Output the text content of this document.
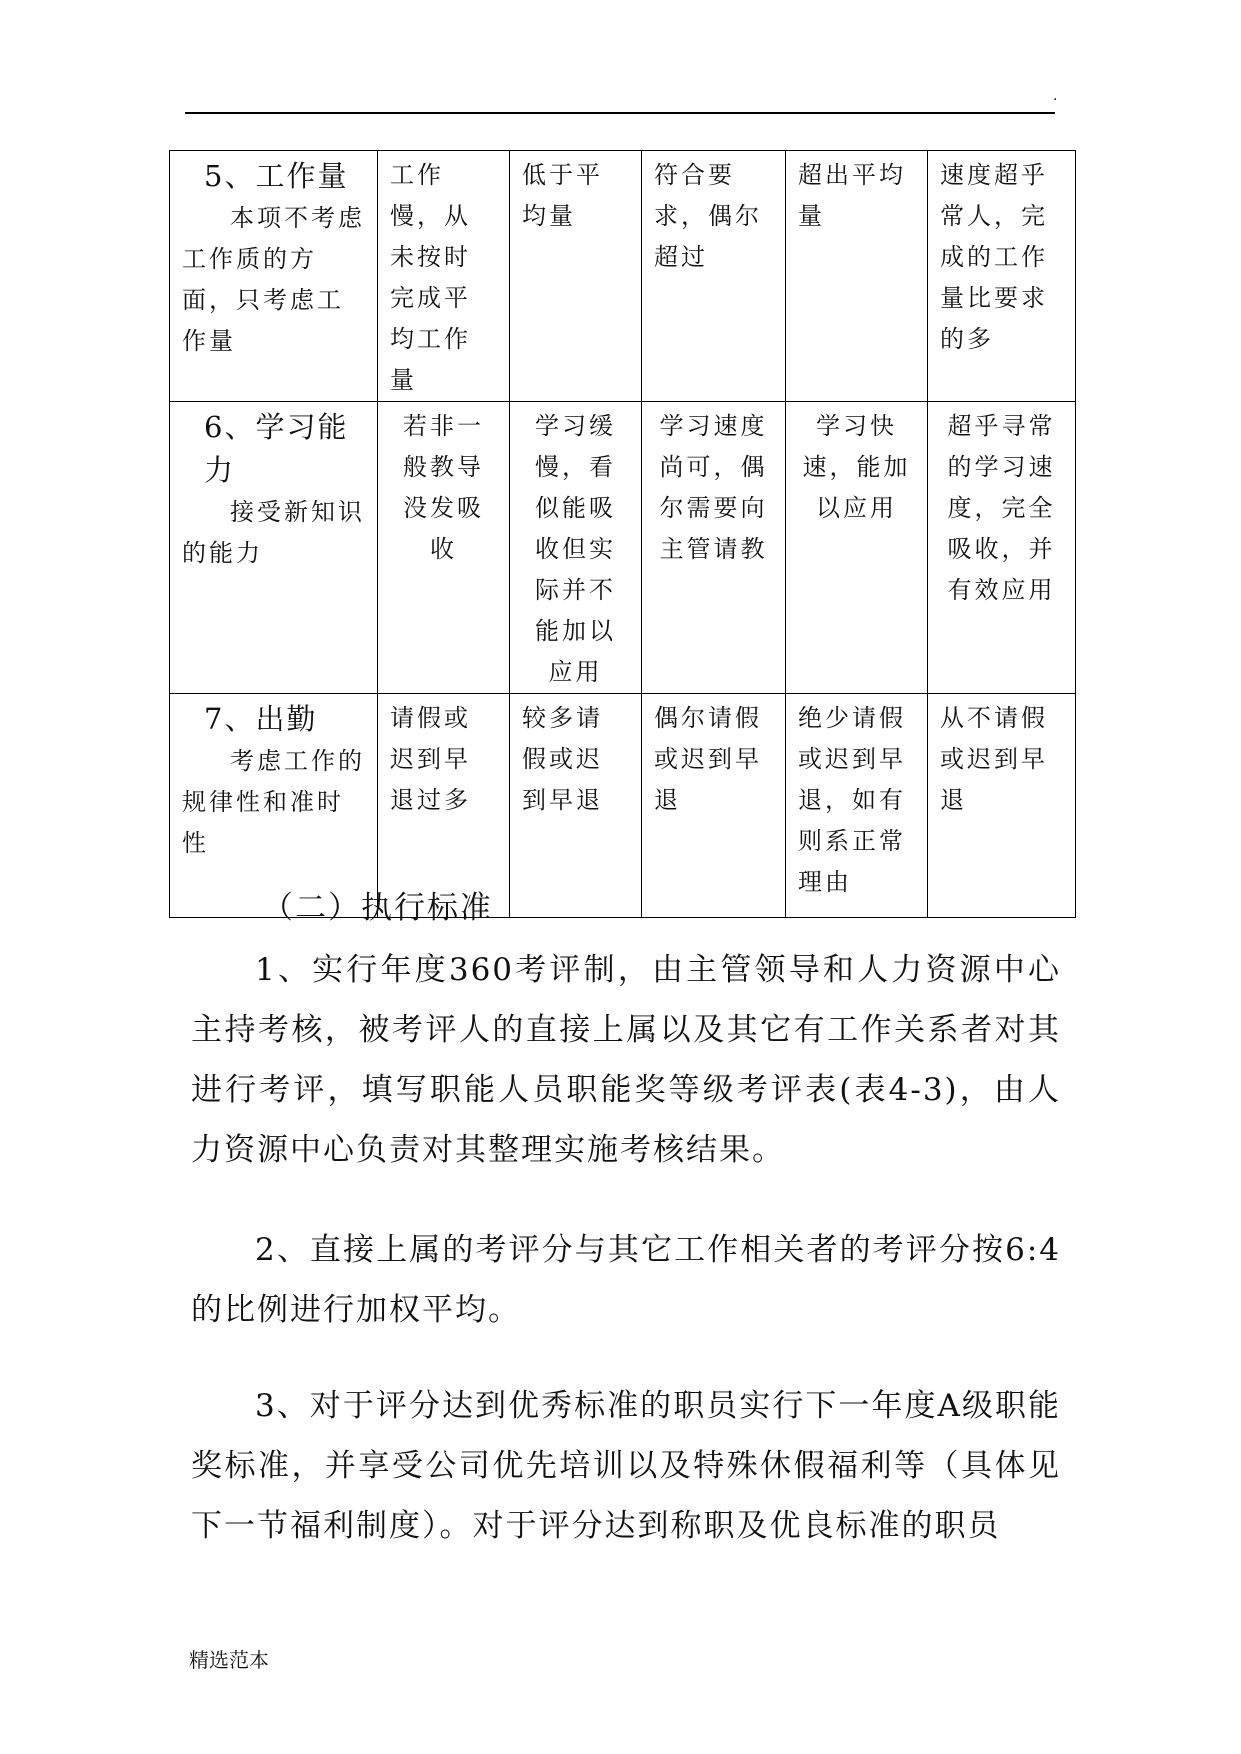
.
5、工作量
本项不考虑工作质的方面，只考虑工作量	工作慢，从未按时完成平均工作量	低于平均量	符合要求，偶尔超过	超出平均量	速度超乎常人，完成的工作量比要求的多

6、学习能力
接受新知识的能力	若非一般教导没发吸收	学习缓慢，看似能吸收但实际并不能加以应用	学习速度尚可，偶尔需要向主管请教	学习快速，能加以应用	超乎寻常的学习速度，完全吸收，并有效应用

7、出勤
考虑工作的规律性和准时性	请假或迟到早退过多	较多请假或迟到早退	偶尔请假或迟到早退	绝少请假或迟到早退，如有则系正常理由	从不请假或迟到早退
（二）执行标准

1、实行年度360考评制，由主管领导和人力资源中心主持考核，被考评人的直接上属以及其它有工作关系者对其进行考评，填写职能人员职能奖等级考评表(表4-3)，由人力资源中心负责对其整理实施考核结果。

2、直接上属的考评分与其它工作相关者的考评分按6:4的比例进行加权平均。

3、对于评分达到优秀标准的职员实行下一年度A级职能奖标准，并享受公司优先培训以及特殊休假福利等（具体见下一节福利制度）。对于评分达到称职及优良标准的职员

精选范本
